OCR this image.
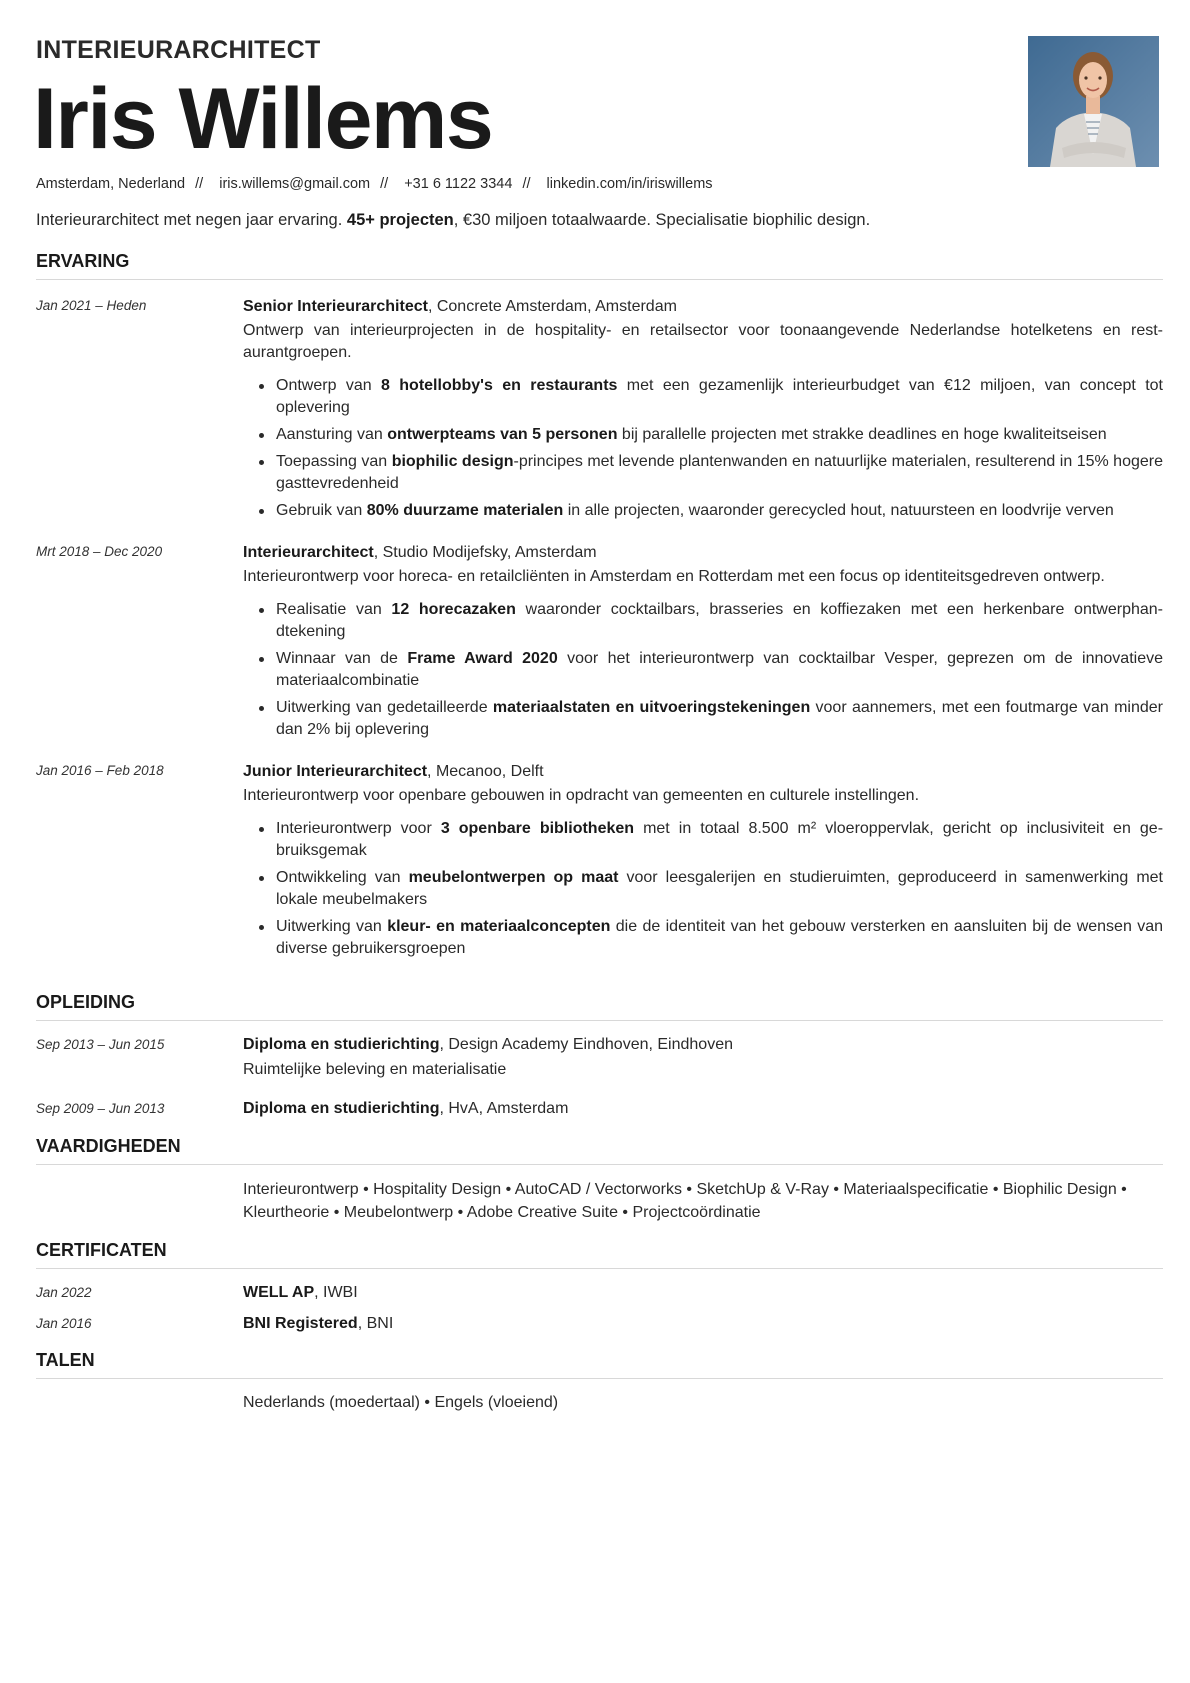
INTERIEURARCHITECT
Iris Willems
Amsterdam, Nederland // iris.willems@gmail.com // +31 6 1122 3344 // linkedin.com/in/iriswillems
Interieurarchitect met negen jaar ervaring. 45+ projecten, €30 miljoen totaalwaarde. Specialisatie biophilic design.
ERVARING
Jan 2021 – Heden	Senior Interieurarchitect, Concrete Amsterdam, Amsterdam

Ontwerp van interieurprojecten in de hospitality- en retailsector voor toonaangevende Nederlandse hotelketens en restaurantgroepen.

Ontwerp van 8 hotellobby's en restaurants met een gezamenlijk interieurbudget van €12 miljoen, van concept tot oplevering
Aansturing van ontwerpteams van 5 personen bij parallelle projecten met strakke deadlines en hoge kwaliteitseisen
Toepassing van biophilic design-principes met levende plantenwanden en natuurlijke materialen, resulterend in 15% hogere gasttevredenheid
Gebruik van 80% duurzame materialen in alle projecten, waaronder gerecycled hout, natuursteen en loodvrije verven
Mrt 2018 – Dec 2020	Interieurarchitect, Studio Modijefsky, Amsterdam

Interieurontwerp voor horeca- en retailcliënten in Amsterdam en Rotterdam met een focus op identiteitsgedreven ontwerp.

Realisatie van 12 horecazaken waaronder cocktailbars, brasseries en koffiezaken met een herkenbare ontwerphandtekening
Winnaar van de Frame Award 2020 voor het interieurontwerp van cocktailbar Vesper, geprezen om de innovatieve materiaalcombinatie
Uitwerking van gedetailleerde materiaalstaten en uitvoeringstekeningen voor aannemers, met een foutmarge van minder dan 2% bij oplevering
Jan 2016 – Feb 2018	Junior Interieurarchitect, Mecanoo, Delft

Interieurontwerp voor openbare gebouwen in opdracht van gemeenten en culturele instellingen.

Interieurontwerp voor 3 openbare bibliotheken met in totaal 8.500 m² vloeroppervlak, gericht op inclusiviteit en gebruiksgemak
Ontwikkeling van meubelontwerpen op maat voor leesgalerijen en studieruimten, geproduceerd in samenwerking met lokale meubelmakers
Uitwerking van kleur- en materiaalconcepten die de identiteit van het gebouw versterken en aansluiten bij de wensen van diverse gebruikersgroepen
OPLEIDING
Sep 2013 – Jun 2015	Diploma en studierichting, Design Academy Eindhoven, Eindhoven
Ruimtelijke beleving en materialisatie
Sep 2009 – Jun 2013	Diploma en studierichting, HvA, Amsterdam
VAARDIGHEDEN
Interieurontwerp • Hospitality Design • AutoCAD / Vectorworks • SketchUp & V-Ray • Materiaalspecificatie • Biophilic Design • Kleurtheorie • Meubelontwerp • Adobe Creative Suite • Projectcoördinatie
CERTIFICATEN
Jan 2022	WELL AP, IWBI
Jan 2016	BNI Registered, BNI
TALEN
Nederlands (moedertaal) • Engels (vloeiend)
